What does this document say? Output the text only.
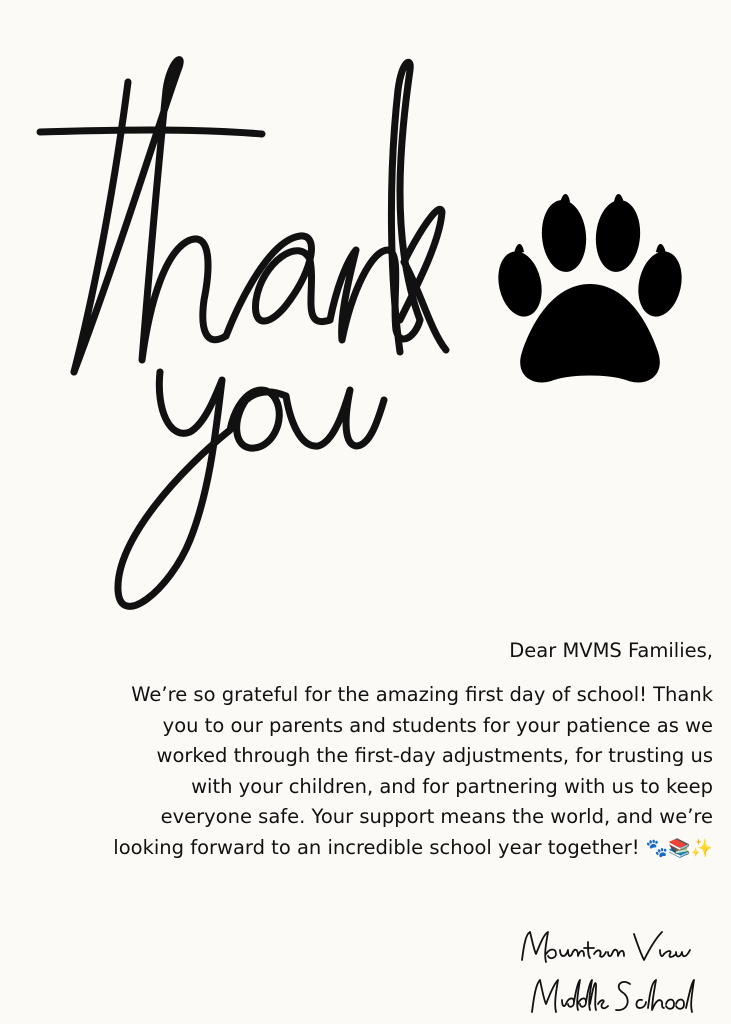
Dear MVMS Families,

We’re so grateful for the amazing first day of school! Thank you to our parents and students for your patience as we worked through the first-day adjustments, for trusting us with your children, and for partnering with us to keep everyone safe. Your support means the world, and we’re looking forward to an incredible school year together! 🐾📚✨
